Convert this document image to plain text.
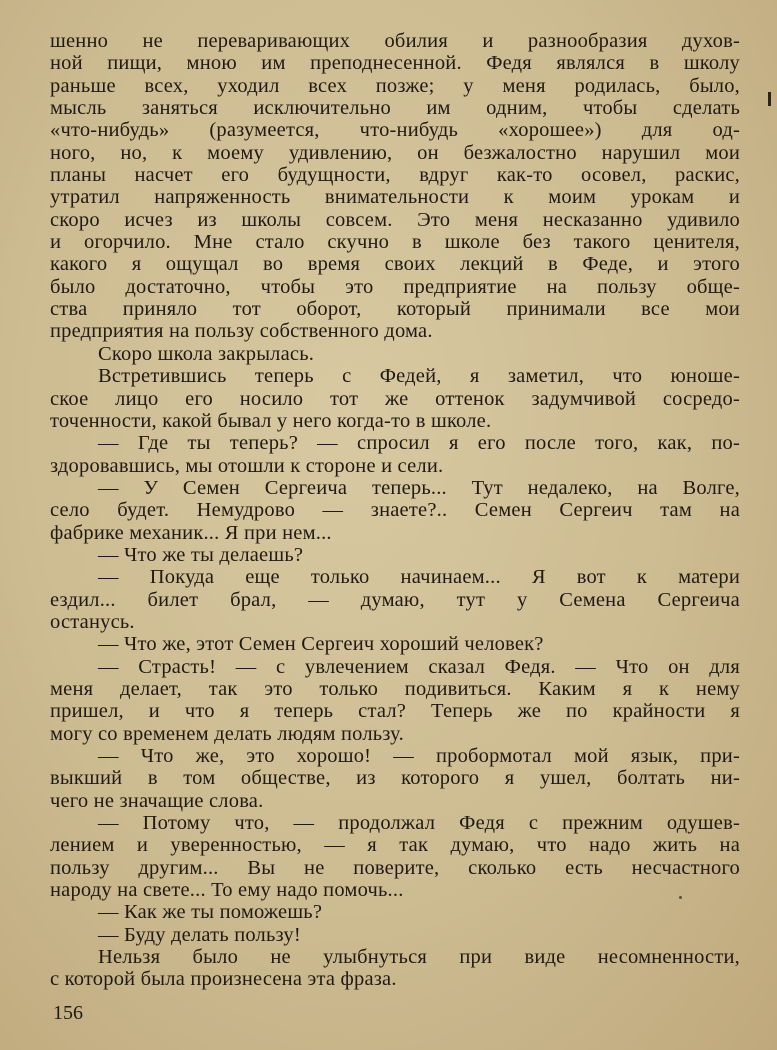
шенно не переваривающих обилия и разнообразия духов-
ной пищи, мною им преподнесенной. Федя являлся в школу
раньше всех, уходил всех позже; у меня родилась, было,
мысль заняться исключительно им одним, чтобы сделать
«что-нибудь» (разумеется, что-нибудь «хорошее») для од-
ного, но, к моему удивлению, он безжалостно нарушил мои
планы насчет его будущности, вдруг как-то осовел, раскис,
утратил напряженность внимательности к моим урокам и
скоро исчез из школы совсем. Это меня несказанно удивило
и огорчило. Мне стало скучно в школе без такого ценителя,
какого я ощущал во время своих лекций в Феде, и этого
было достаточно, чтобы это предприятие на пользу обще-
ства приняло тот оборот, который принимали все мои
предприятия на пользу собственного дома.
Скоро школа закрылась.
Встретившись теперь с Федей, я заметил, что юноше-
ское лицо его носило тот же оттенок задумчивой сосредо-
точенности, какой бывал у него когда-то в школе.
— Где ты теперь? — спросил я его после того, как, по-
здоровавшись, мы отошли к стороне и сели.
— У Семен Сергеича теперь... Тут недалеко, на Волге,
село будет. Немудрово — знаете?.. Семен Сергеич там на
фабрике механик... Я при нем...
— Что же ты делаешь?
— Покуда еще только начинаем... Я вот к матери
ездил... билет брал, — думаю, тут у Семена Сергеича
останусь.
— Что же, этот Семен Сергеич хороший человек?
— Страсть! — с увлечением сказал Федя. — Что он для
меня делает, так это только подивиться. Каким я к нему
пришел, и что я теперь стал? Теперь же по крайности я
могу со временем делать людям пользу.
— Что же, это хорошо! — пробормотал мой язык, при-
выкший в том обществе, из которого я ушел, болтать ни-
чего не значащие слова.
— Потому что, — продолжал Федя с прежним одушев-
лением и уверенностью, — я так думаю, что надо жить на
пользу другим... Вы не поверите, сколько есть несчастного
народу на свете... То ему надо помочь...
— Как же ты поможешь?
— Буду делать пользу!
Нельзя было не улыбнуться при виде несомненности,
с которой была произнесена эта фраза.
156
